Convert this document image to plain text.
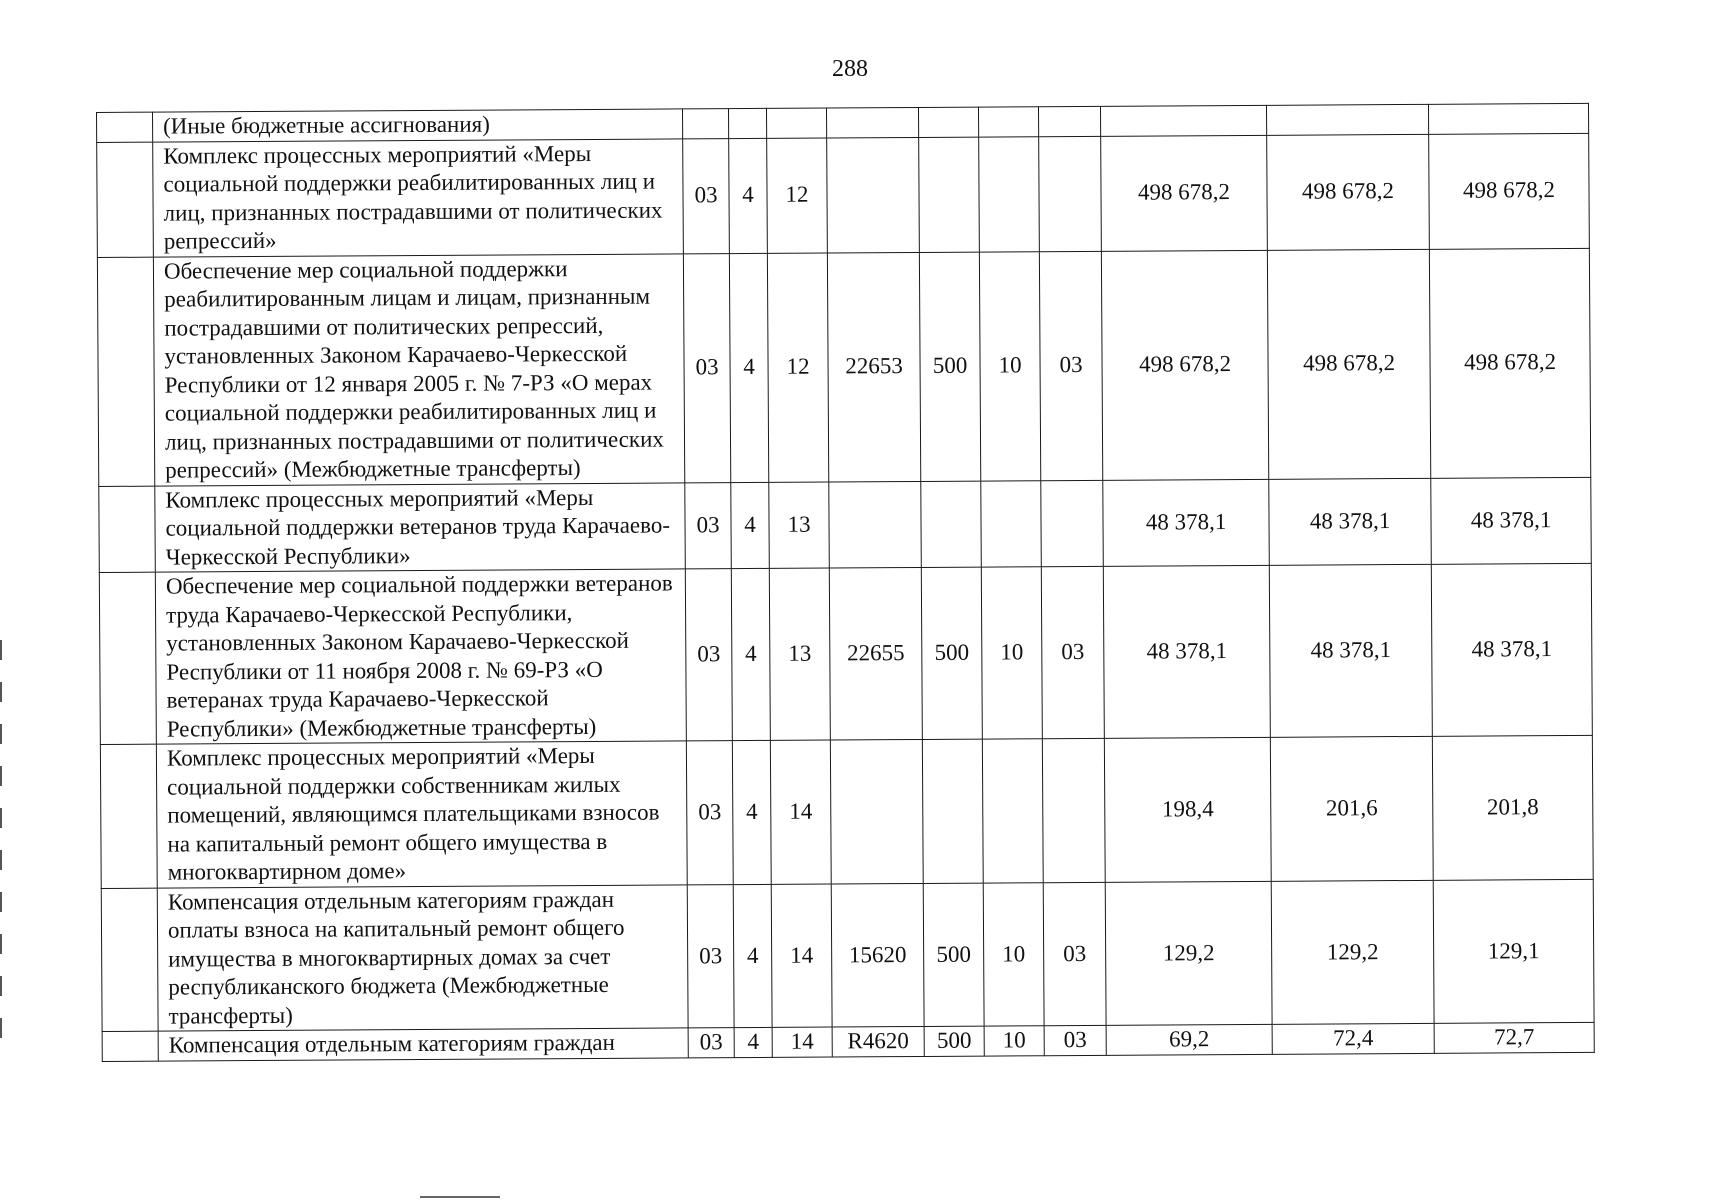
288
	(Иные бюджетные ассигнования)										
	Комплекс процессных мероприятий «Меры социальной поддержки реабилитированных лиц и лиц, признанных пострадавшими от политических репрессий»	03	4	12					498 678,2	498 678,2	498 678,2
	Обеспечение мер социальной поддержки реабилитированным лицам и лицам, признанным пострадавшими от политических репрессий, установленных Законом Карачаево-Черкесской Республики от 12 января 2005 г. № 7-РЗ «О мерах социальной поддержки реабилитированных лиц и лиц, признанных пострадавшими от политических репрессий» (Межбюджетные трансферты)	03	4	12	22653	500	10	03	498 678,2	498 678,2	498 678,2
	Комплекс процессных мероприятий «Меры социальной поддержки ветеранов труда Карачаево-Черкесской Республики»	03	4	13					48 378,1	48 378,1	48 378,1
	Обеспечение мер социальной поддержки ветеранов труда Карачаево-Черкесской Республики, установленных Законом Карачаево-Черкесской Республики от 11 ноября 2008 г. № 69-РЗ «О ветеранах труда Карачаево-Черкесской Республики» (Межбюджетные трансферты)	03	4	13	22655	500	10	03	48 378,1	48 378,1	48 378,1
	Комплекс процессных мероприятий «Меры социальной поддержки собственникам жилых помещений, являющимся плательщиками взносов на капитальный ремонт общего имущества в многоквартирном доме»	03	4	14					198,4	201,6	201,8
	Компенсация отдельным категориям граждан оплаты взноса на капитальный ремонт общего имущества в многоквартирных домах за счет республиканского бюджета (Межбюджетные трансферты)	03	4	14	15620	500	10	03	129,2	129,2	129,1
	Компенсация отдельным категориям граждан	03	4	14	R4620	500	10	03	69,2	72,4	72,7
